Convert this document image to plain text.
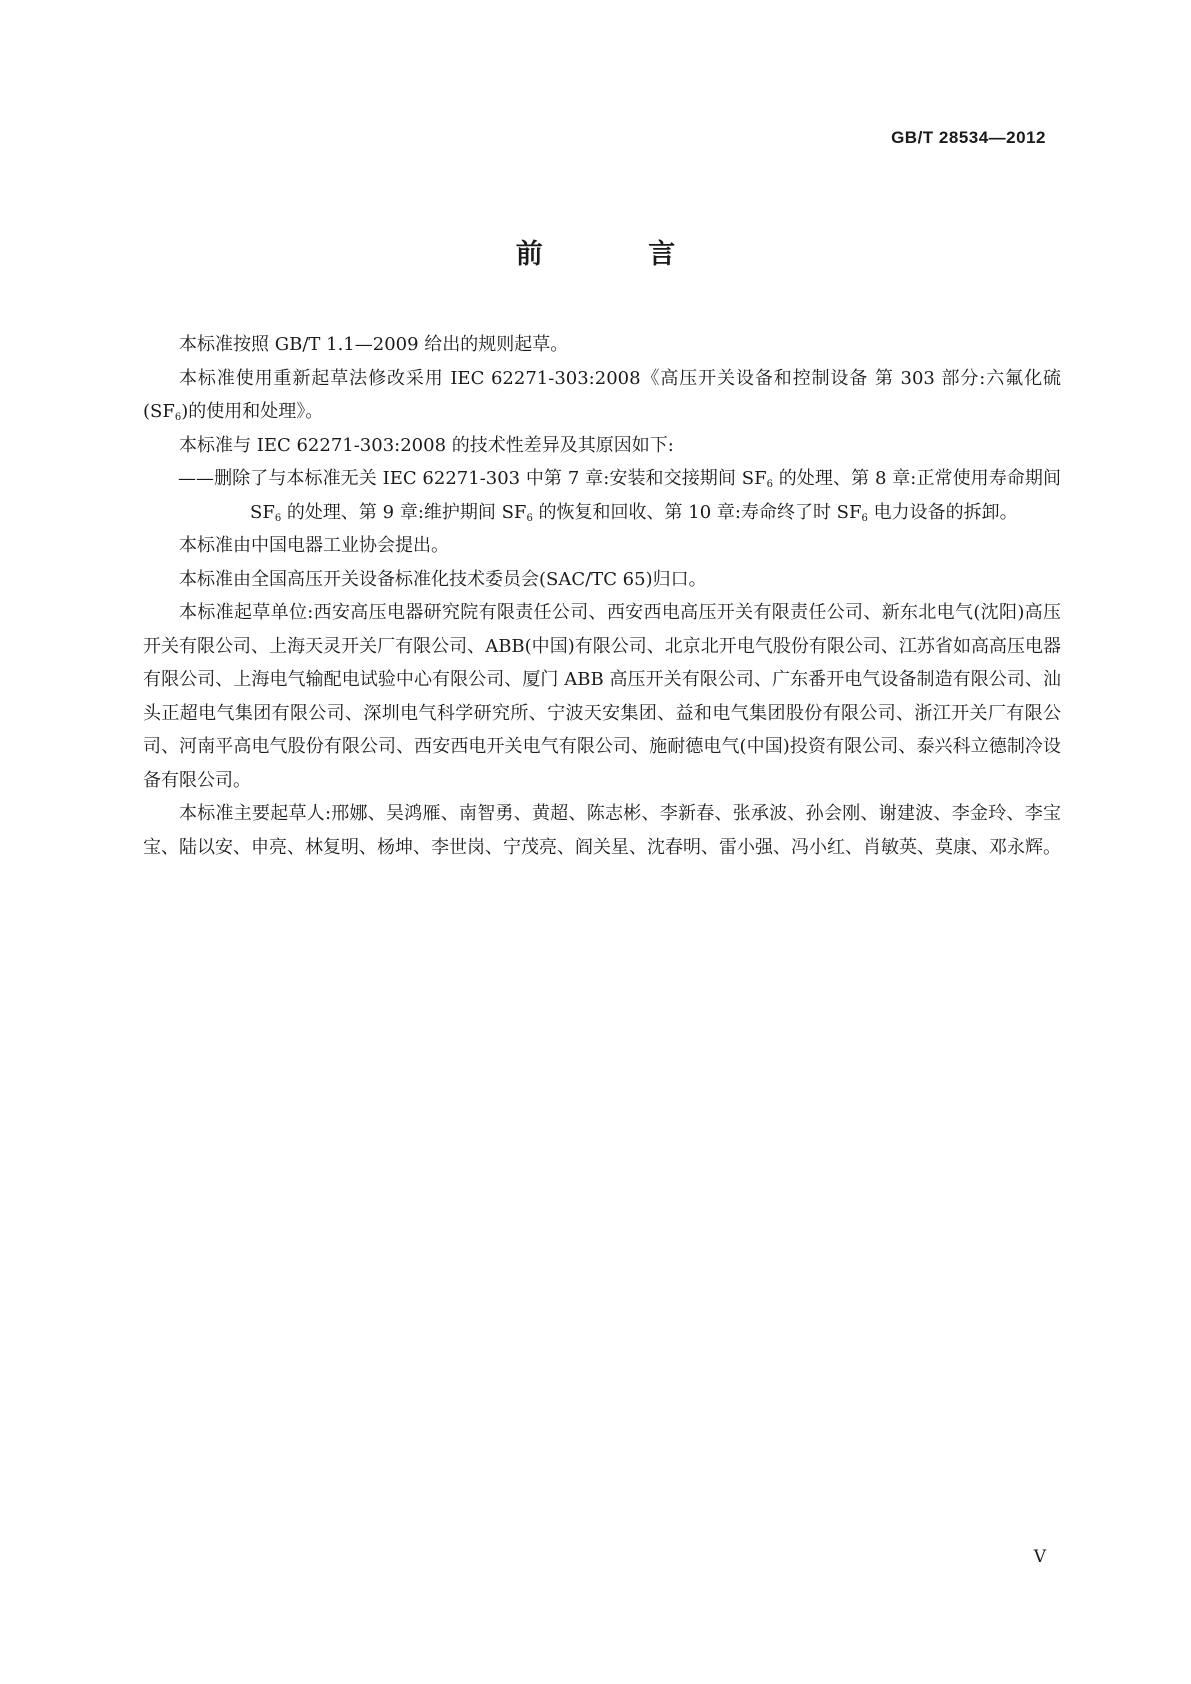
GB/T 28534—2012
前 言

本标准按照 GB/T 1.1—2009 给出的规则起草。

本标准使用重新起草法修改采用 IEC 62271-303:2008《高压开关设备和控制设备 第 303 部分:六氟化硫$(SF_6)$的使用和处理》。

本标准与 IEC 62271-303:2008 的技术性差异及其原因如下:

——删除了与本标准无关 IEC 62271-303 中第 7 章:安装和交接期间 $SF_6$ 的处理、第 8 章:正常使用寿命期间 $SF_6$ 的处理、第 9 章:维护期间 $SF_6$ 的恢复和回收、第 10 章:寿命终了时 $SF_6$ 电力设备的拆卸。

本标准由中国电器工业协会提出。

本标准由全国高压开关设备标准化技术委员会(SAC/TC 65)归口。

本标准起草单位:西安高压电器研究院有限责任公司、西安西电高压开关有限责任公司、新东北电气(沈阳)高压开关有限公司、上海天灵开关厂有限公司、ABB(中国)有限公司、北京北开电气股份有限公司、江苏省如高高压电器有限公司、上海电气输配电试验中心有限公司、厦门 ABB 高压开关有限公司、广东番开电气设备制造有限公司、汕头正超电气集团有限公司、深圳电气科学研究所、宁波天安集团、益和电气集团股份有限公司、浙江开关厂有限公司、河南平高电气股份有限公司、西安西电开关电气有限公司、施耐德电气(中国)投资有限公司、泰兴科立德制冷设备有限公司。

本标准主要起草人:邢娜、吴鸿雁、南智勇、黄超、陈志彬、李新春、张承波、孙会刚、谢建波、李金玲、李宝宝、陆以安、申亮、林复明、杨坤、李世岗、宁茂亮、阎关星、沈春明、雷小强、冯小红、肖敏英、莫康、邓永辉。

V
